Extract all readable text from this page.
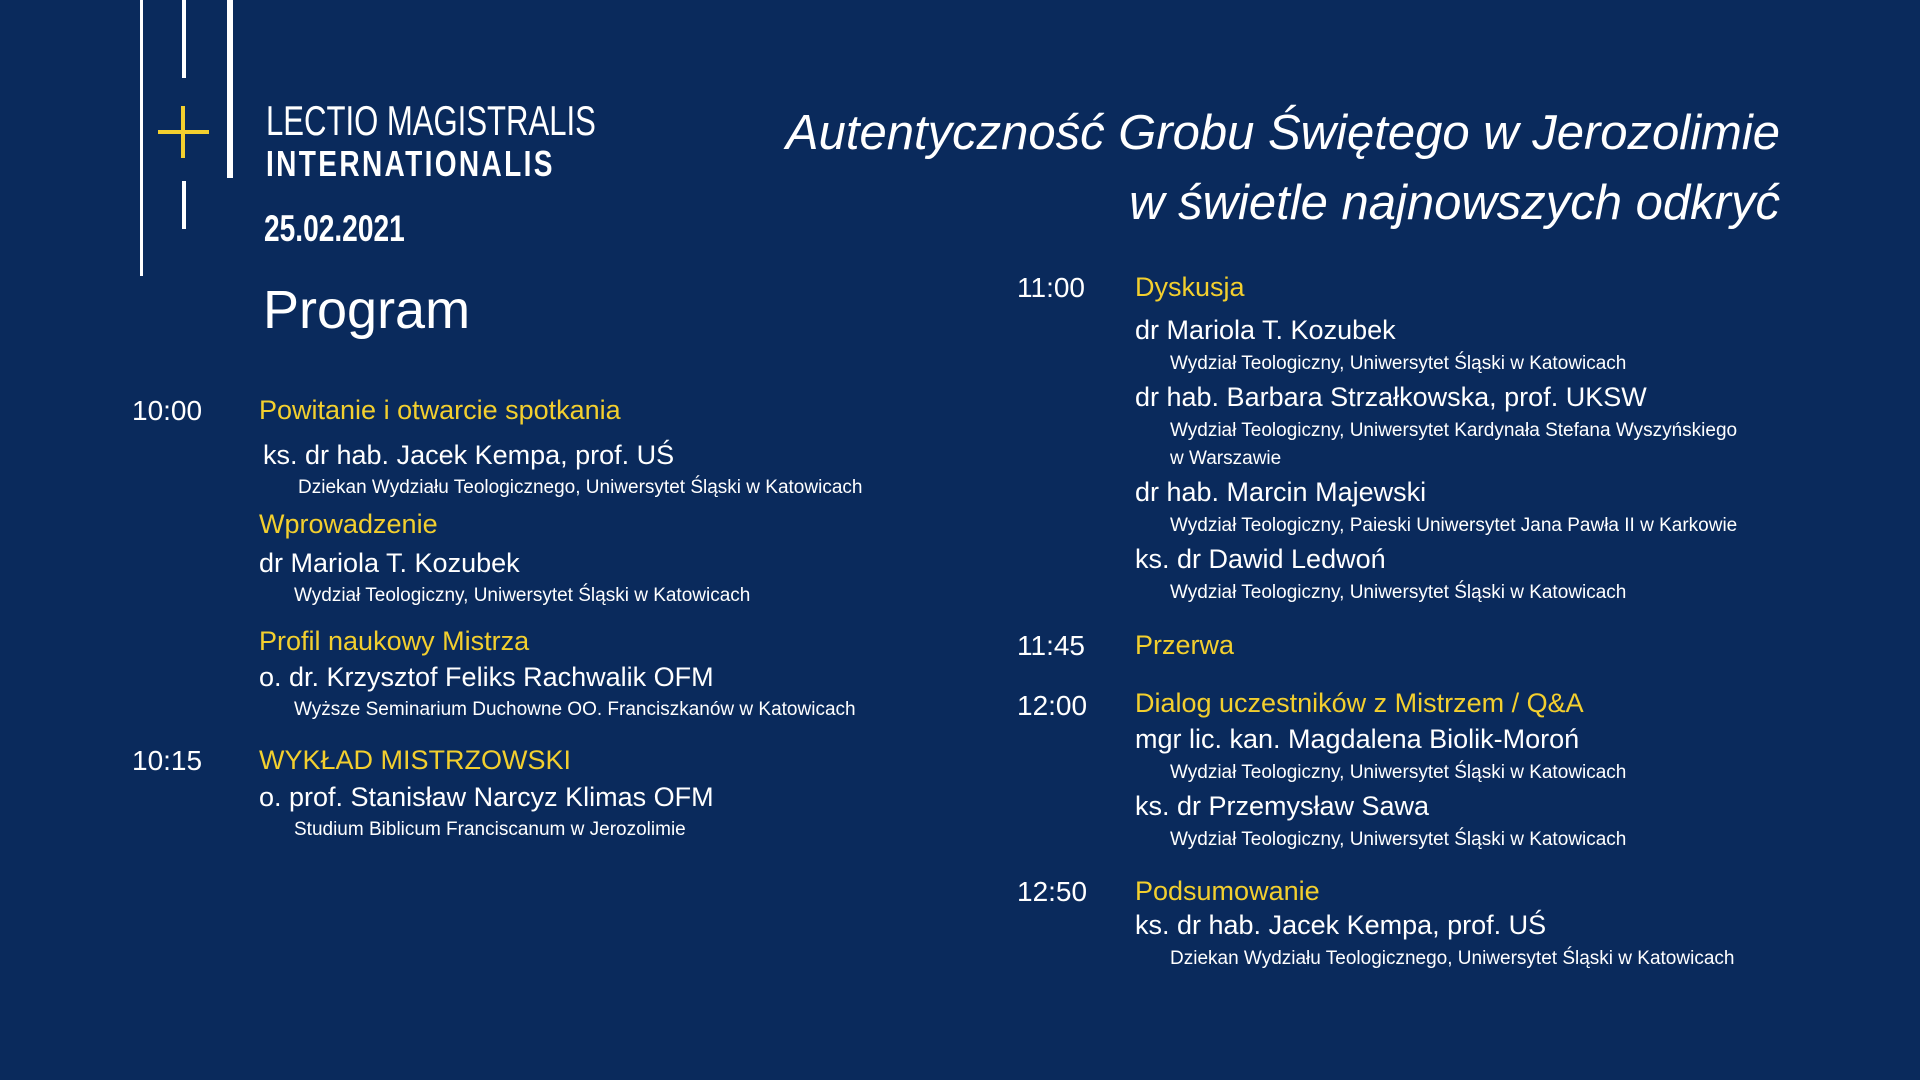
LECTIO MAGISTRALIS
INTERNATIONALIS
25.02.2021
Program
Autentyczność Grobu Świętego w Jerozolimie
w świetle najnowszych odkryć
10:00 Powitanie i otwarcie spotkania
ks. dr hab. Jacek Kempa, prof. UŚ
Dziekan Wydziału Teologicznego, Uniwersytet Śląski w Katowicach
Wprowadzenie
dr Mariola T. Kozubek
Wydział Teologiczny, Uniwersytet Śląski w Katowicach
Profil naukowy Mistrza
o. dr. Krzysztof Feliks Rachwalik OFM
Wyższe Seminarium Duchowne OO. Franciszkanów w Katowicach
10:15 WYKŁAD MISTRZOWSKI
o. prof. Stanisław Narcyz Klimas OFM
Studium Biblicum Franciscanum w Jerozolimie
11:00 Dyskusja
dr Mariola T. Kozubek
Wydział Teologiczny, Uniwersytet Śląski w Katowicach
dr hab. Barbara Strzałkowska, prof. UKSW
Wydział Teologiczny, Uniwersytet Kardynała Stefana Wyszyńskiego
w Warszawie
dr hab. Marcin Majewski
Wydział Teologiczny, Paieski Uniwersytet Jana Pawła II w Karkowie
ks. dr Dawid Ledwoń
Wydział Teologiczny, Uniwersytet Śląski w Katowicach
11:45 Przerwa
12:00 Dialog uczestników z Mistrzem / Q&A
mgr lic. kan. Magdalena Biolik-Moroń
Wydział Teologiczny, Uniwersytet Śląski w Katowicach
ks. dr Przemysław Sawa
Wydział Teologiczny, Uniwersytet Śląski w Katowicach
12:50 Podsumowanie
ks. dr hab. Jacek Kempa, prof. UŚ
Dziekan Wydziału Teologicznego, Uniwersytet Śląski w Katowicach
